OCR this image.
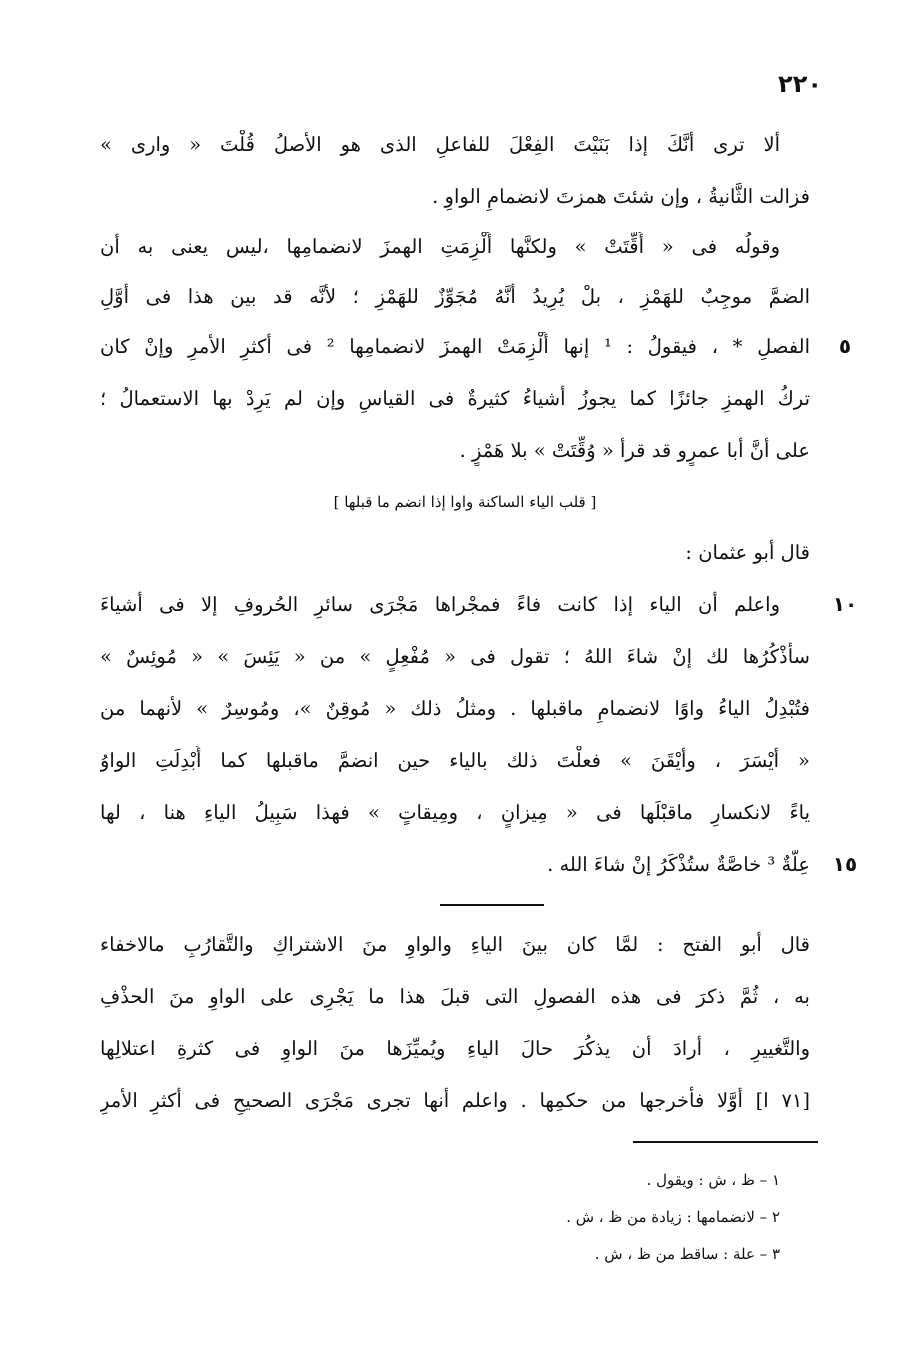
٢٢٠
ألا ترى أنَّكَ إذا بَنَيْتَ الفِعْلَ للفاعلِ الذى هو الأصلُ قُلْتَ « وارى »
فزالت الثَّانيةُ ، وإن شئتَ همزتَ لانضمامِ الواوِ .
وقولُه فى « أُقِّتَتْ » ولكنَّها أُلْزِمَتِ الهمزَ لانضمامِها ،ليس يعنى به أن
الضمَّ موجِبٌ للهَمْزِ ، بلْ يُرِيدُ أنَّهُ مُجَوِّزٌ للهَمْزِ ؛ لأنَّه قد بين هذا فى أوَّلِ
الفصلِ * ، فيقولُ : ¹ إنها أُلْزِمَتْ الهمزَ لانضمامِها ² فى أكثرِ الأمرِ وإنْ كان
تركُ الهمزِ جائزًا كما يجوزُ أشياءُ كثيرةٌ فى القياسِ وإن لم يَرِدْ بها الاستعمالُ ؛
على أنَّ أبا عمرٍو قد قرأ « وُقِّتَتْ » بلا هَمْزٍ .
[ قلب الياء الساكنة واوا إذا انضم ما قبلها ]
قال أبو عثمان :
واعلم أن الياء إذا كانت فاءً فمجْراها مَجْرَى سائرِ الحُروفِ إلا فى أشياءَ
سأذْكُرُها لك إنْ شاءَ اللهُ ؛ تقول فى « مُفْعِلٍ » من « يَئِسَ » « مُوئِسٌ »
فتُبْدِلُ الياءُ واوًا لانضمامِ ماقبلها . ومثلُ ذلك « مُوقِنٌ »، ومُوسِرٌ » لأنهما من
« أيْسَرَ ، وأيْقَنَ » فعلْتَ ذلك بالياء حين انضمَّ ماقبلها كما أُبْدِلَتِ الواوُ
ياءً لانكسارِ ماقبْلَها فى « مِيزانٍ ، ومِيقاتٍ » فهذا سَبِيلُ الياءِ هنا ، لها
عِلَّةٌ ³ خاصَّةٌ ستُذْكَرُ إنْ شاءَ الله .
قال أبو الفتح : لمَّا كان بينَ الياءِ والواوِ منَ الاشتراكِ والتَّقارُبِ مالاخفاء
به ، ثُمَّ ذكرَ فى هذه الفصولِ التى قبلَ هذا ما يَجْرِى على الواوِ منَ الحذْفِ
والتَّغييرِ ، أرادَ أن يذكُرَ حالَ الياءِ ويُميِّزَها منَ الواوِ فى كثرةِ اعتلالِها
[٧١ ا] أوَّلا فأخرجها من حكمِها . واعلم أنها تجرى مَجْرَى الصحيحِ فى أكثرِ الأمرِ
٥
١٠
١٥
١ – ظ ، ش : ويقول .
٢ – لانضمامها : زيادة من ظ ، ش .
٣ – علة : ساقط من ظ ، ش .
